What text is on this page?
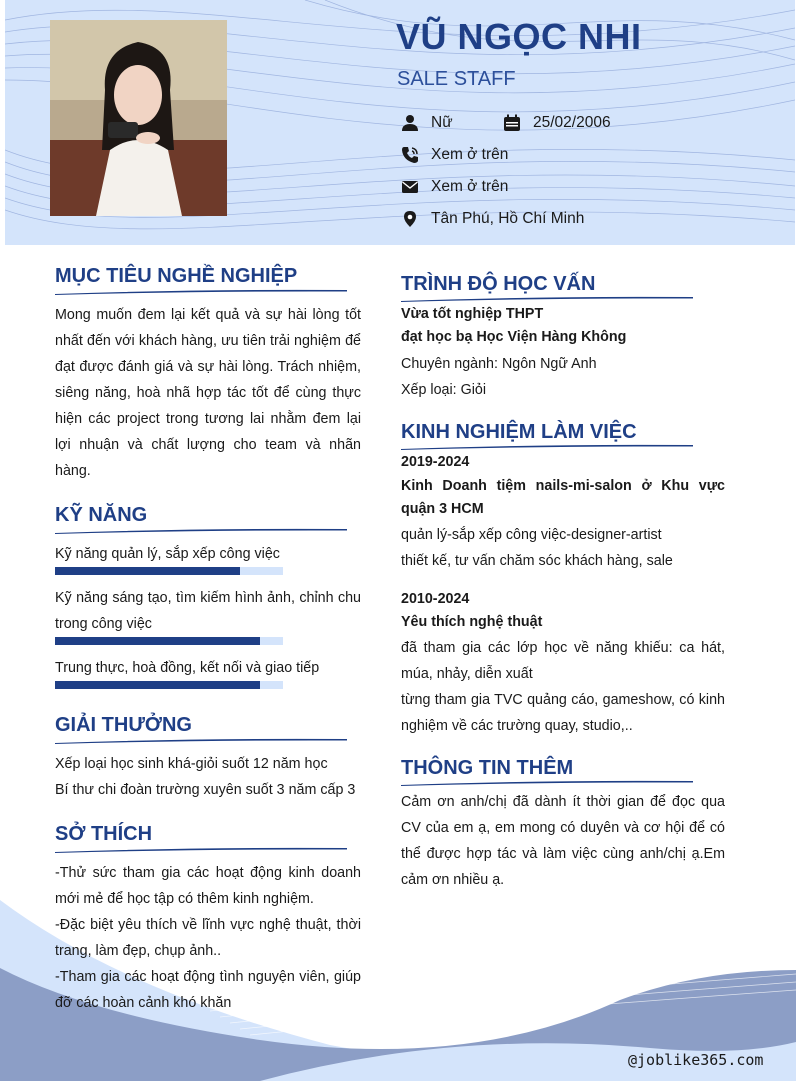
VŨ NGỌC NHI
SALE STAFF
Nữ	25/02/2006
Xem ở trên
Xem ở trên
Tân Phú, Hồ Chí Minh
MỤC TIÊU NGHỀ NGHIỆP
Mong muốn đem lại kết quả và sự hài lòng tốt nhất đến với khách hàng, ưu tiên trải nghiệm để đạt được đánh giá và sự hài lòng. Trách nhiệm, siêng năng, hoà nhã hợp tác tốt để cùng thực hiện các project trong tương lai nhằm đem lại lợi nhuận và chất lượng cho team và nhãn hàng.
KỸ NĂNG
Kỹ năng quản lý, sắp xếp công việc
Kỹ năng sáng tạo, tìm kiếm hình ảnh, chỉnh chu trong công việc
Trung thực, hoà đồng, kết nối và giao tiếp
GIẢI THƯỞNG
Xếp loại học sinh khá-giỏi suốt 12 năm học
Bí thư chi đoàn trường xuyên suốt 3 năm cấp 3
SỞ THÍCH
-Thử sức tham gia các hoạt động kinh doanh mới mẻ để học tập có thêm kinh nghiệm.
-Đặc biệt yêu thích về lĩnh vực nghệ thuật, thời trang, làm đẹp, chụp ảnh..
-Tham gia các hoạt động tình nguyện viên, giúp đỡ các hoàn cảnh khó khăn
TRÌNH ĐỘ HỌC VẤN
Vừa tốt nghiệp THPT
đạt học bạ Học Viện Hàng Không
Chuyên ngành: Ngôn Ngữ Anh
Xếp loại: Giỏi
KINH NGHIỆM LÀM VIỆC
2019-2024
Kinh Doanh tiệm nails-mi-salon ở Khu vực quận 3 HCM
quản lý-sắp xếp công việc-designer-artist
thiết kế, tư vấn chăm sóc khách hàng, sale
2010-2024
Yêu thích nghệ thuật
đã tham gia các lớp học về năng khiếu: ca hát, múa, nhảy, diễn xuất
từng tham gia TVC quảng cáo, gameshow, có kinh nghiệm về các trường quay, studio,..
THÔNG TIN THÊM
Cảm ơn anh/chị đã dành ít thời gian để đọc qua CV của em ạ, em mong có duyên và cơ hội để có thể được hợp tác và làm việc cùng anh/chị ạ.Em cảm ơn nhiều ạ.
@joblike365.com
